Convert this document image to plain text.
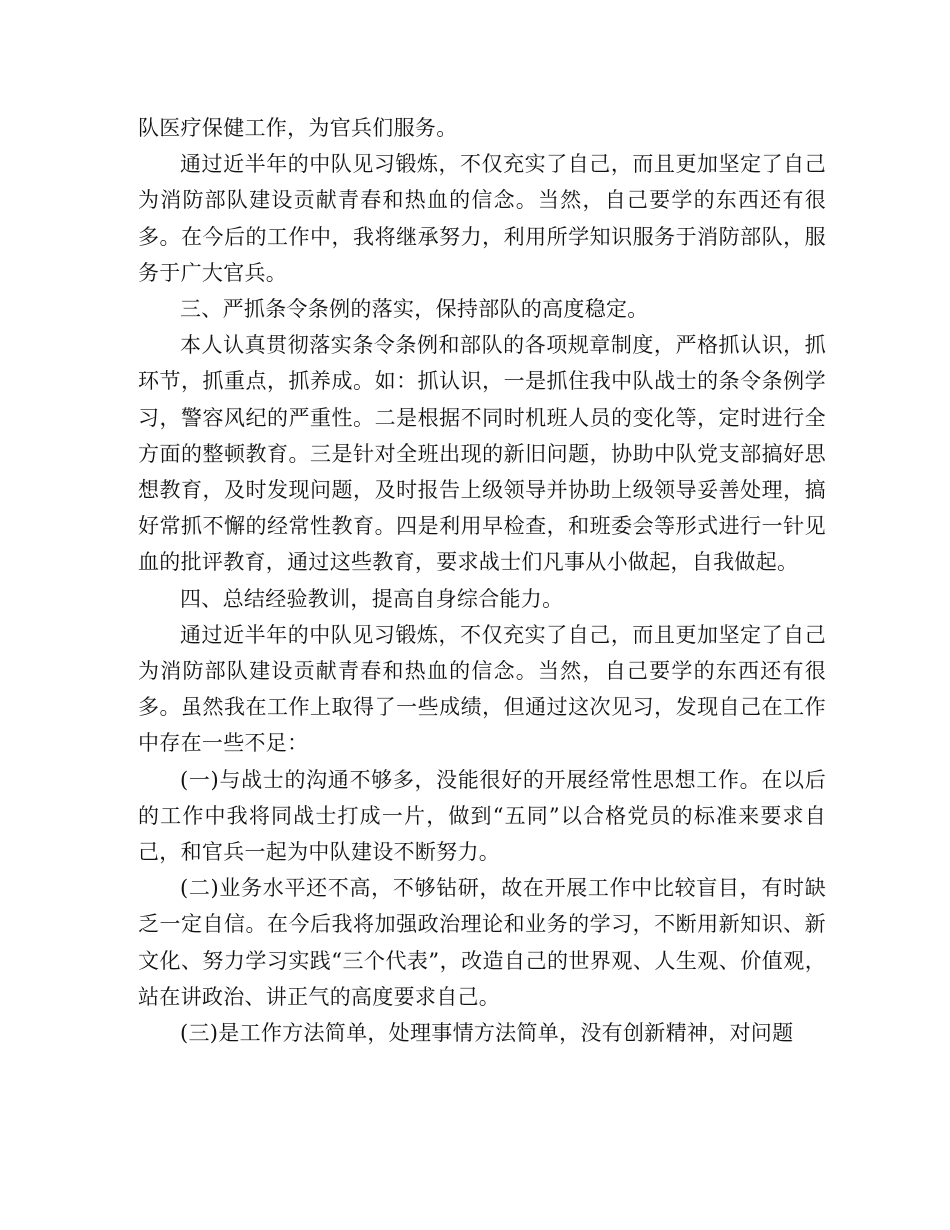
队医疗保健工作，为官兵们服务。

通过近半年的中队见习锻炼，不仅充实了自己，而且更加坚定了自己为消防部队建设贡献青春和热血的信念。当然，自己要学的东西还有很多。在今后的工作中，我将继承努力，利用所学知识服务于消防部队，服务于广大官兵。

三、严抓条令条例的落实，保持部队的高度稳定。

本人认真贯彻落实条令条例和部队的各项规章制度，严格抓认识，抓环节，抓重点，抓养成。如：抓认识，一是抓住我中队战士的条令条例学习，警容风纪的严重性。二是根据不同时机班人员的变化等，定时进行全方面的整顿教育。三是针对全班出现的新旧问题，协助中队党支部搞好思想教育，及时发现问题，及时报告上级领导并协助上级领导妥善处理，搞好常抓不懈的经常性教育。四是利用早检查，和班委会等形式进行一针见血的批评教育，通过这些教育，要求战士们凡事从小做起，自我做起。

四、总结经验教训，提高自身综合能力。

通过近半年的中队见习锻炼，不仅充实了自己，而且更加坚定了自己为消防部队建设贡献青春和热血的信念。当然，自己要学的东西还有很多。虽然我在工作上取得了一些成绩，但通过这次见习，发现自己在工作中存在一些不足：

(一)与战士的沟通不够多，没能很好的开展经常性思想工作。在以后的工作中我将同战士打成一片，做到“五同”以合格党员的标准来要求自己，和官兵一起为中队建设不断努力。

(二)业务水平还不高，不够钻研，故在开展工作中比较盲目，有时缺乏一定自信。在今后我将加强政治理论和业务的学习，不断用新知识、新文化、努力学习实践“三个代表”，改造自己的世界观、人生观、价值观，站在讲政治、讲正气的高度要求自己。

(三)是工作方法简单，处理事情方法简单，没有创新精神，对问题
